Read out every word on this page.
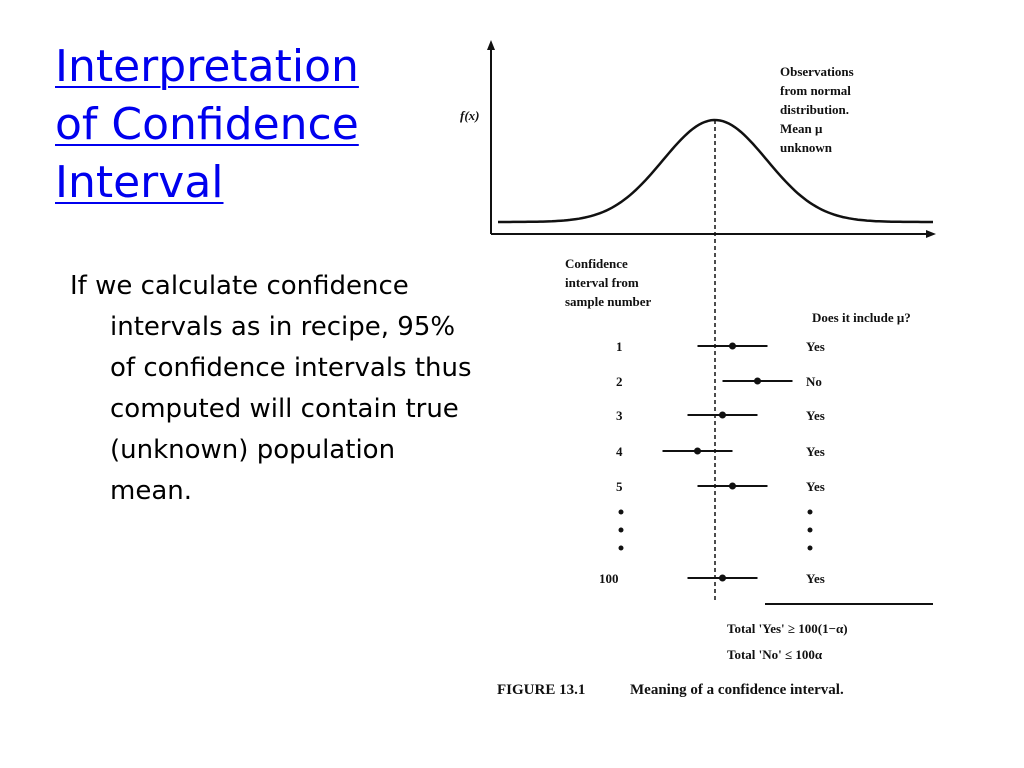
Interpretation
of Confidence
Interval
If we calculate confidence intervals as in recipe, 95% of confidence intervals thus computed will contain true (unknown) population mean.
f(x)
Observations from normal distribution. Mean μ unknown
Confidence interval from sample number
Does it include μ?
1	Yes
2	No
3	Yes
4	Yes
5	Yes
100	Yes
Total 'Yes' ≥ 100(1−α)
Total 'No' ≤ 100α
FIGURE 13.1	Meaning of a confidence interval.
